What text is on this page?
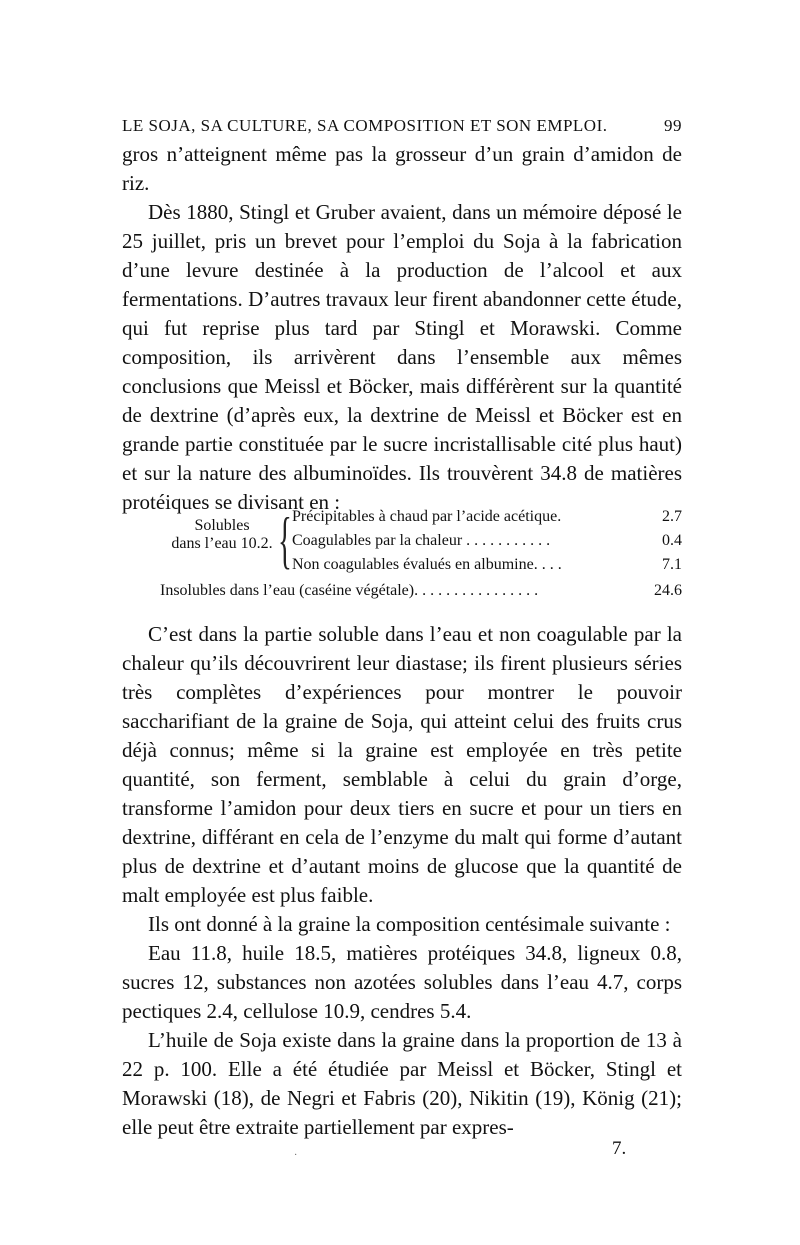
LE SOJA, SA CULTURE, SA COMPOSITION ET SON EMPLOI.	99

gros n’atteignent même pas la grosseur d’un grain d’amidon de riz.

Dès 1880, Stingl et Gruber avaient, dans un mémoire déposé le 25 juillet, pris un brevet pour l’emploi du Soja à la fabrication d’une levure destinée à la production de l’alcool et aux fermentations. D’autres travaux leur firent abandonner cette étude, qui fut reprise plus tard par Stingl et Morawski. Comme composition, ils arrivèrent dans l’ensemble aux mêmes conclusions que Meissl et Böcker, mais différèrent sur la quantité de dextrine (d’après eux, la dextrine de Meissl et Böcker est en grande partie constituée par le sucre incristallisable cité plus haut) et sur la nature des albuminoïdes. Ils trouvèrent 34.8 de matières protéiques se divisant en :

Solubles
dans l’eau 10.2. { Précipitables à chaud par l’acide acétique.	2.7
Coagulables par la chaleur . . . . . . . . . . .	0.4
Non coagulables évalués en albumine. . . .	7.1
Insolubles dans l’eau (caséine végétale). . . . . . . . . . . . . . . .	24.6

C’est dans la partie soluble dans l’eau et non coagulable par la chaleur qu’ils découvrirent leur diastase; ils firent plusieurs séries très complètes d’expériences pour montrer le pouvoir saccharifiant de la graine de Soja, qui atteint celui des fruits crus déjà connus; même si la graine est employée en très petite quantité, son ferment, semblable à celui du grain d’orge, transforme l’amidon pour deux tiers en sucre et pour un tiers en dextrine, différant en cela de l’enzyme du malt qui forme d’autant plus de dextrine et d’autant moins de glucose que la quantité de malt employée est plus faible.

Ils ont donné à la graine la composition centésimale suivante :

Eau 11.8, huile 18.5, matières protéiques 34.8, ligneux 0.8, sucres 12, substances non azotées solubles dans l’eau 4.7, corps pectiques 2.4, cellulose 10.9, cendres 5.4.

L’huile de Soja existe dans la graine dans la proportion de 13 à 22 p. 100. Elle a été étudiée par Meissl et Böcker, Stingl et Morawski (18), de Negri et Fabris (20), Nikitin (19), König (21); elle peut être extraite partiellement par expres-

·	7.
